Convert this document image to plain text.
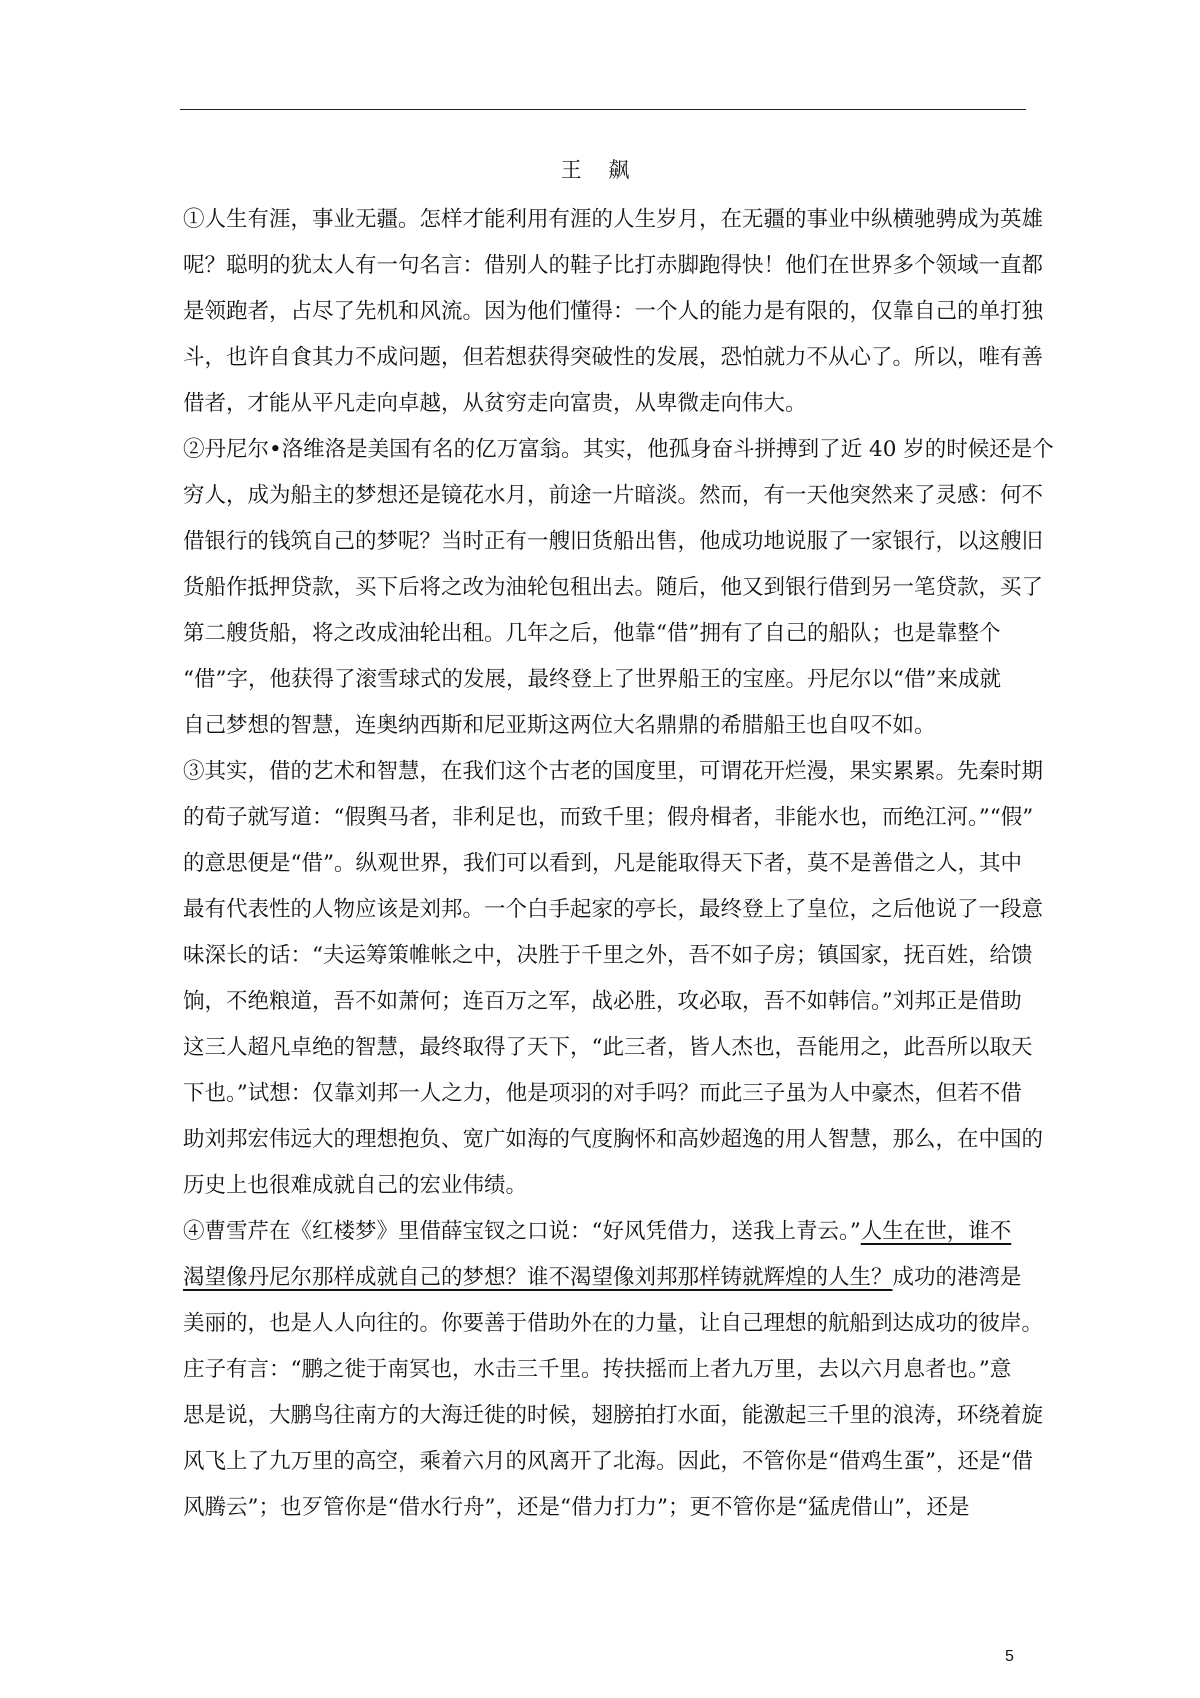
王 飙
①人生有涯，事业无疆。怎样才能利用有涯的人生岁月，在无疆的事业中纵横驰骋成为英雄
呢？聪明的犹太人有一句名言：借别人的鞋子比打赤脚跑得快！他们在世界多个领域一直都
是领跑者，占尽了先机和风流。因为他们懂得：一个人的能力是有限的，仅靠自己的单打独
斗，也许自食其力不成问题，但若想获得突破性的发展，恐怕就力不从心了。所以，唯有善
借者，才能从平凡走向卓越，从贫穷走向富贵，从卑微走向伟大。
②丹尼尔•洛维洛是美国有名的亿万富翁。其实，他孤身奋斗拼搏到了近 40 岁的时候还是个
穷人，成为船主的梦想还是镜花水月，前途一片暗淡。然而，有一天他突然来了灵感：何不
借银行的钱筑自己的梦呢？当时正有一艘旧货船出售，他成功地说服了一家银行，以这艘旧
货船作抵押贷款，买下后将之改为油轮包租出去。随后，他又到银行借到另一笔贷款，买了
第二艘货船，将之改成油轮出租。几年之后，他靠“借”拥有了自己的船队；也是靠整个
“借”字，他获得了滚雪球式的发展，最终登上了世界船王的宝座。丹尼尔以“借”来成就
自己梦想的智慧，连奥纳西斯和尼亚斯这两位大名鼎鼎的希腊船王也自叹不如。
③其实，借的艺术和智慧，在我们这个古老的国度里，可谓花开烂漫，果实累累。先秦时期
的荀子就写道：“假舆马者，非利足也，而致千里；假舟楫者，非能水也，而绝江河。”“假”
的意思便是“借”。纵观世界，我们可以看到，凡是能取得天下者，莫不是善借之人，其中
最有代表性的人物应该是刘邦。一个白手起家的亭长，最终登上了皇位，之后他说了一段意
味深长的话：“夫运筹策帷帐之中，决胜于千里之外，吾不如子房；镇国家，抚百姓，给馈
饷，不绝粮道，吾不如萧何；连百万之军，战必胜，攻必取，吾不如韩信。”刘邦正是借助
这三人超凡卓绝的智慧，最终取得了天下，“此三者，皆人杰也，吾能用之，此吾所以取天
下也。”试想：仅靠刘邦一人之力，他是项羽的对手吗？而此三子虽为人中豪杰，但若不借
助刘邦宏伟远大的理想抱负、宽广如海的气度胸怀和高妙超逸的用人智慧，那么，在中国的
历史上也很难成就自己的宏业伟绩。
④曹雪芹在《红楼梦》里借薛宝钗之口说：“好风凭借力，送我上青云。”人生在世，谁不
渴望像丹尼尔那样成就自己的梦想？谁不渴望像刘邦那样铸就辉煌的人生？成功的港湾是
美丽的，也是人人向往的。你要善于借助外在的力量，让自己理想的航船到达成功的彼岸。
庄子有言：“鹏之徙于南冥也，水击三千里。抟扶摇而上者九万里，去以六月息者也。”意
思是说，大鹏鸟往南方的大海迁徙的时候，翅膀拍打水面，能激起三千里的浪涛，环绕着旋
风飞上了九万里的高空，乘着六月的风离开了北海。因此，不管你是“借鸡生蛋”，还是“借
风腾云”；也歹管你是“借水行舟”，还是“借力打力”；更不管你是“猛虎借山”，还是
5
